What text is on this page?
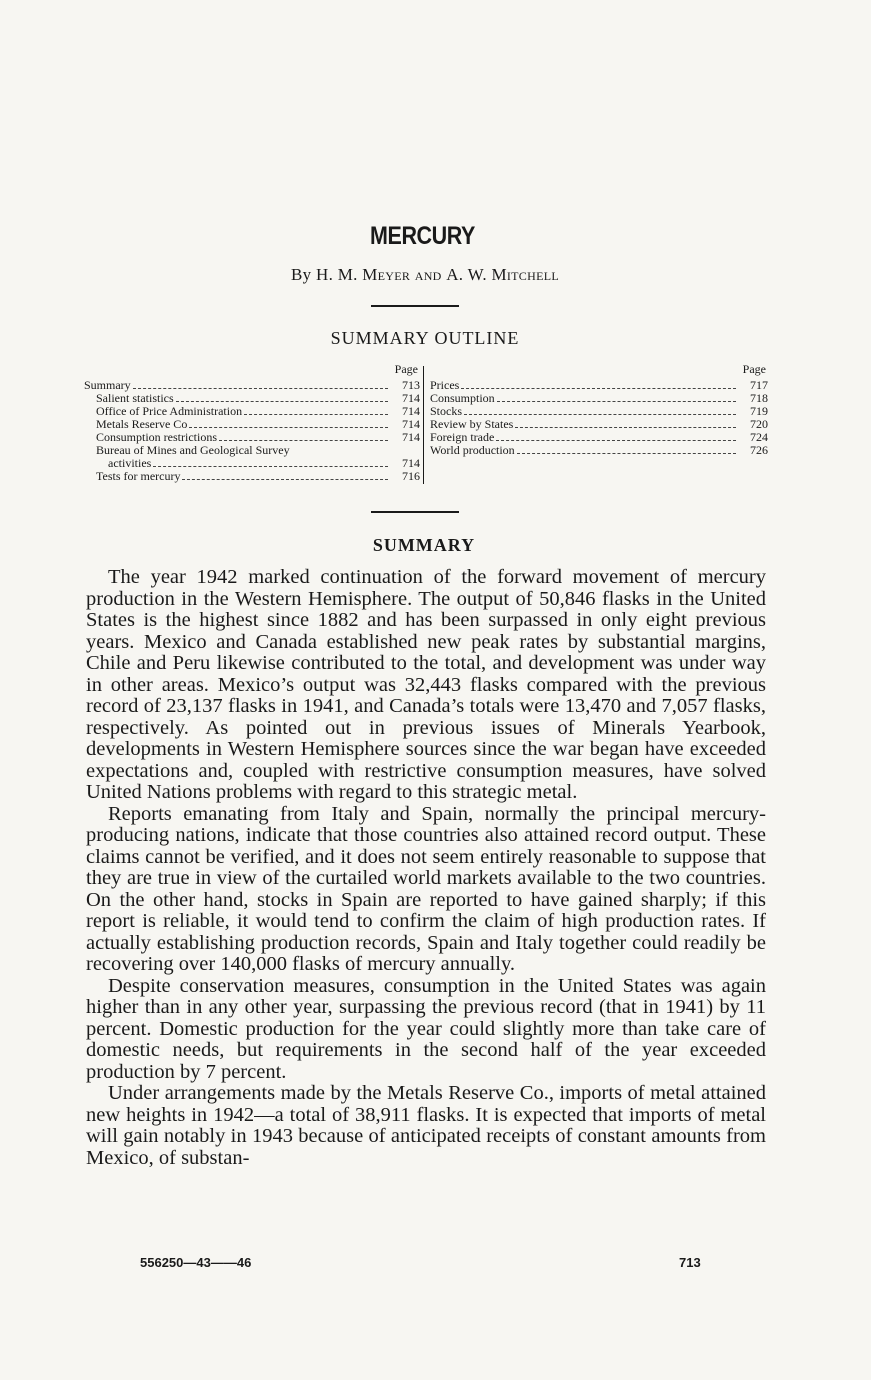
MERCURY
By H. M. Meyer and A. W. Mitchell
SUMMARY OUTLINE
Page
Summary	713
Salient statistics	714
Office of Price Administration	714
Metals Reserve Co	714
Consumption restrictions	714
Bureau of Mines and Geological Survey
activities	714
Tests for mercury	716
Page
Prices	717
Consumption	718
Stocks	719
Review by States	720
Foreign trade	724
World production	726
SUMMARY

The year 1942 marked continuation of the forward movement of mercury production in the Western Hemisphere. The output of 50,846 flasks in the United States is the highest since 1882 and has been surpassed in only eight previous years. Mexico and Canada established new peak rates by substantial margins, Chile and Peru likewise contributed to the total, and development was under way in other areas. Mexico’s output was 32,443 flasks compared with the previous record of 23,137 flasks in 1941, and Canada’s totals were 13,470 and 7,057 flasks, respectively. As pointed out in previous issues of Minerals Yearbook, developments in Western Hemisphere sources since the war began have exceeded expectations and, coupled with restrictive consumption measures, have solved United Nations problems with regard to this strategic metal.

Reports emanating from Italy and Spain, normally the principal mercury-producing nations, indicate that those countries also attained record output. These claims cannot be verified, and it does not seem entirely reasonable to suppose that they are true in view of the curtailed world markets available to the two countries. On the other hand, stocks in Spain are reported to have gained sharply; if this report is reliable, it would tend to confirm the claim of high production rates. If actually establishing production records, Spain and Italy together could readily be recovering over 140,000 flasks of mercury annually.

Despite conservation measures, consumption in the United States was again higher than in any other year, surpassing the previous record (that in 1941) by 11 percent. Domestic production for the year could slightly more than take care of domestic needs, but requirements in the second half of the year exceeded production by 7 percent.

Under arrangements made by the Metals Reserve Co., imports of metal attained new heights in 1942—a total of 38,911 flasks. It is expected that imports of metal will gain notably in 1943 because of anticipated receipts of constant amounts from Mexico, of substan-

556250—43——46	713
